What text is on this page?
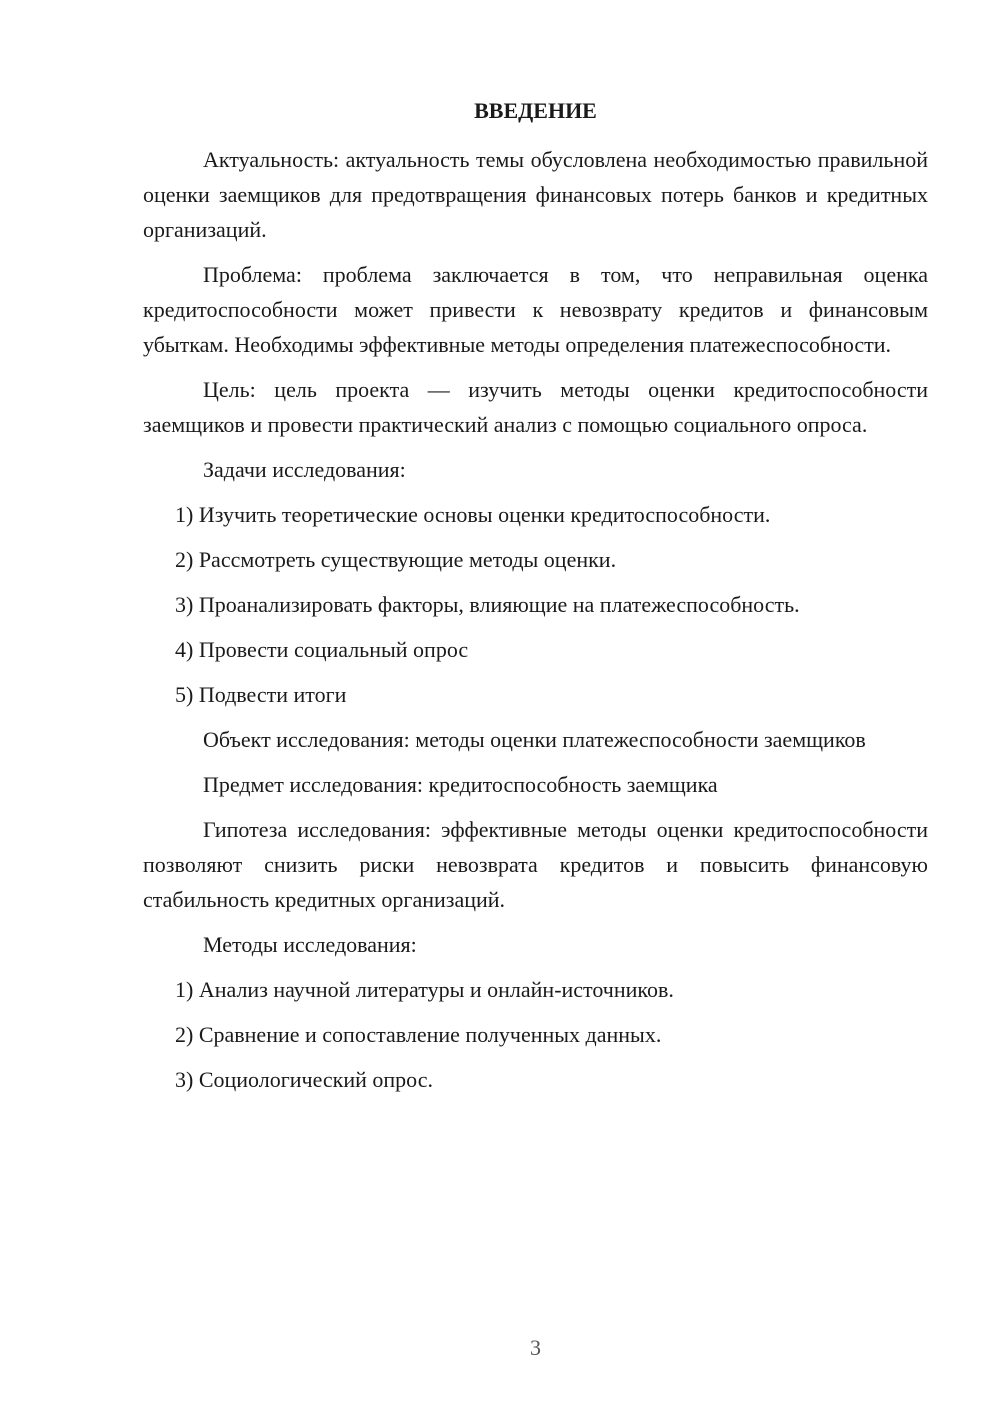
ВВЕДЕНИЕ

Актуальность: актуальность темы обусловлена необходимостью правильной оценки заемщиков для предотвращения финансовых потерь банков и кредитных организаций.

Проблема: проблема заключается в том, что неправильная оценка кредитоспособности может привести к невозврату кредитов и финансовым убыткам. Необходимы эффективные методы определения платежеспособности.

Цель: цель проекта — изучить методы оценки кредитоспособности заемщиков и провести практический анализ с помощью социального опроса.

Задачи исследования:

1) Изучить теоретические основы оценки кредитоспособности.

2) Рассмотреть существующие методы оценки.

3) Проанализировать факторы, влияющие на платежеспособность.

4) Провести социальный опрос

5) Подвести итоги

Объект исследования: методы оценки платежеспособности заемщиков

Предмет исследования: кредитоспособность заемщика

Гипотеза исследования: эффективные методы оценки кредитоспособности позволяют снизить риски невозврата кредитов и повысить финансовую стабильность кредитных организаций.

Методы исследования:

1) Анализ научной литературы и онлайн-источников.

2) Сравнение и сопоставление полученных данных.

3) Социологический опрос.

3
